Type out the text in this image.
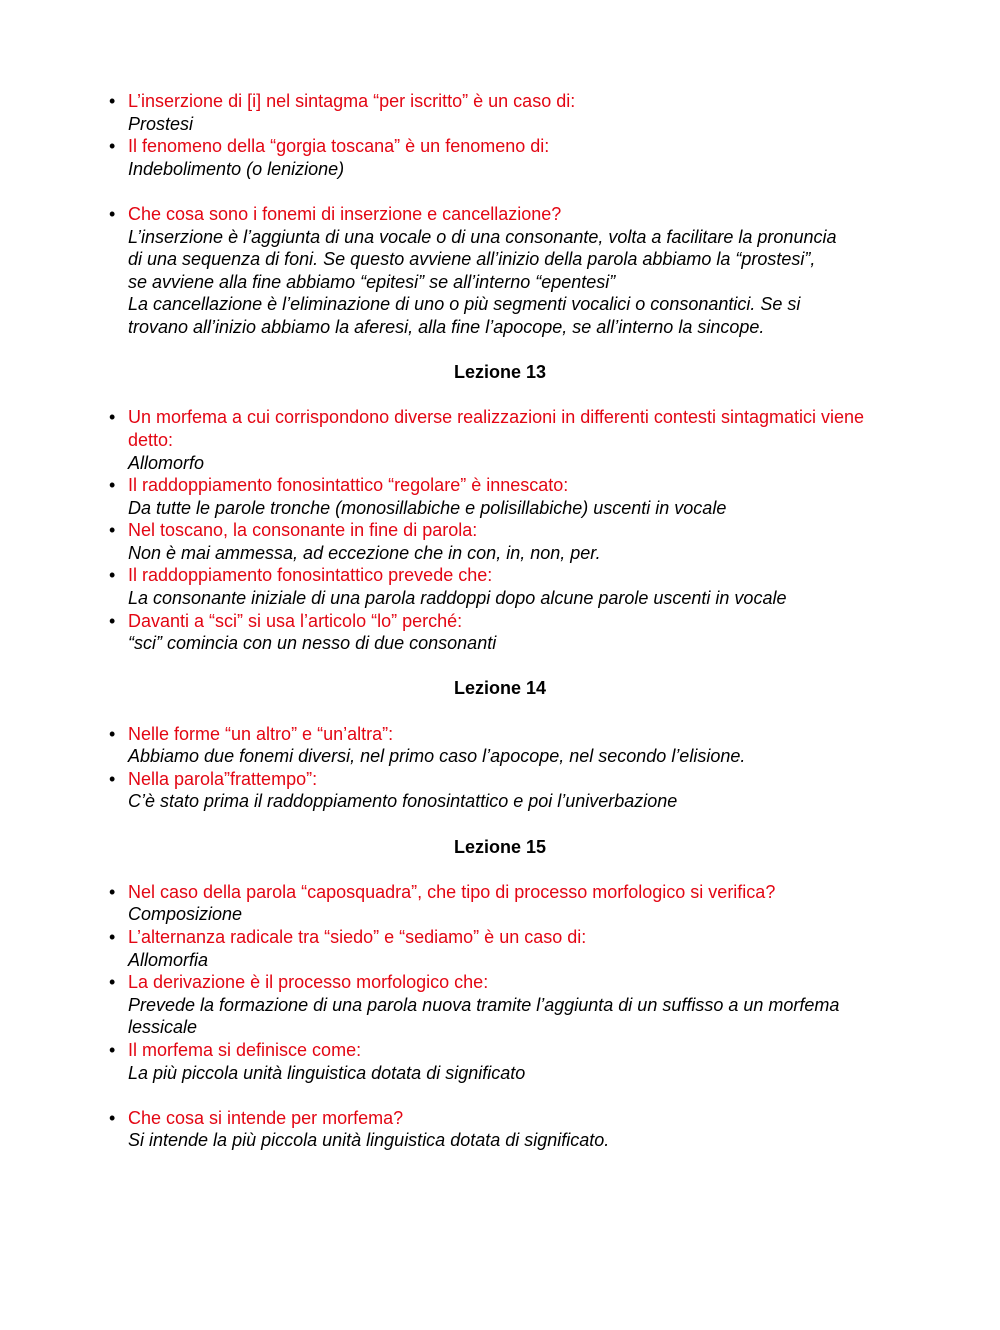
• L’inserzione di [i] nel sintagma “per iscritto” è un caso di:
Prostesi
• Il fenomeno della “gorgia toscana” è un fenomeno di:
Indebolimento (o lenizione)
• Che cosa sono i fonemi di inserzione e cancellazione?
L’inserzione è l’aggiunta di una vocale o di una consonante, volta a facilitare la pronuncia
di una sequenza di foni. Se questo avviene all’inizio della parola abbiamo la “prostesi”,
se avviene alla fine abbiamo “epitesi” se all’interno “epentesi”
La cancellazione è l’eliminazione di uno o più segmenti vocalici o consonantici. Se si
trovano all’inizio abbiamo la aferesi, alla fine l’apocope, se all’interno la sincope.
Lezione 13
• Un morfema a cui corrispondono diverse realizzazioni in differenti contesti sintagmatici viene detto:
Allomorfo
• Il raddoppiamento fonosintattico “regolare” è innescato:
Da tutte le parole tronche (monosillabiche e polisillabiche) uscenti in vocale
• Nel toscano, la consonante in fine di parola:
Non è mai ammessa, ad eccezione che in con, in, non, per.
• Il raddoppiamento fonosintattico prevede che:
La consonante iniziale di una parola raddoppi dopo alcune parole uscenti in vocale
• Davanti a “sci” si usa l’articolo “lo” perché:
“sci” comincia con un nesso di due consonanti
Lezione 14
• Nelle forme “un altro” e “un’altra”:
Abbiamo due fonemi diversi, nel primo caso l’apocope, nel secondo l’elisione.
• Nella parola”frattempo”:
C’è stato prima il raddoppiamento fonosintattico e poi l’univerbazione
Lezione 15
• Nel caso della parola “caposquadra”, che tipo di processo morfologico si verifica?
Composizione
• L’alternanza radicale tra “siedo” e “sediamo” è un caso di:
Allomorfia
• La derivazione è il processo morfologico che:
Prevede la formazione di una parola nuova tramite l’aggiunta di un suffisso a un morfema lessicale
• Il morfema si definisce come:
La più piccola unità linguistica dotata di significato
• Che cosa si intende per morfema?
Si intende la più piccola unità linguistica dotata di significato.
